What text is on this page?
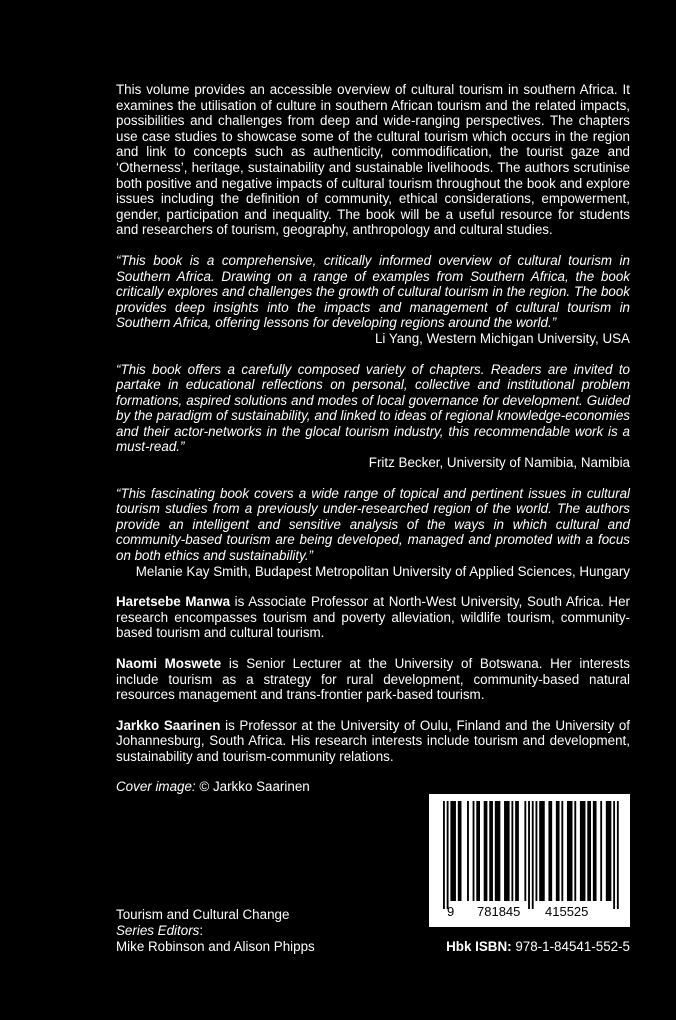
This volume provides an accessible overview of cultural tourism in southern Africa. It examines the utilisation of culture in southern African tourism and the related impacts, possibilities and challenges from deep and wide-ranging perspectives. The chapters use case studies to showcase some of the cultural tourism which occurs in the region and link to concepts such as authenticity, commodification, the tourist gaze and ‘Otherness’, heritage, sustainability and sustainable livelihoods. The authors scrutinise both positive and negative impacts of cultural tourism throughout the book and explore issues including the definition of community, ethical considerations, empowerment, gender, participation and inequality. The book will be a useful resource for students and researchers of tourism, geography, anthropology and cultural studies.

“This book is a comprehensive, critically informed overview of cultural tourism in Southern Africa. Drawing on a range of examples from Southern Africa, the book critically explores and challenges the growth of cultural tourism in the region. The book provides deep insights into the impacts and management of cultural tourism in Southern Africa, offering lessons for developing regions around the world.”

Li Yang, Western Michigan University, USA

“This book offers a carefully composed variety of chapters. Readers are invited to partake in educational reflections on personal, collective and institutional problem formations, aspired solutions and modes of local governance for development. Guided by the paradigm of sustainability, and linked to ideas of regional knowledge-economies and their actor-networks in the glocal tourism industry, this recommendable work is a must-read.”

Fritz Becker, University of Namibia, Namibia

“This fascinating book covers a wide range of topical and pertinent issues in cultural tourism studies from a previously under-researched region of the world. The authors provide an intelligent and sensitive analysis of the ways in which cultural and community-based tourism are being developed, managed and promoted with a focus on both ethics and sustainability.”

Melanie Kay Smith, Budapest Metropolitan University of Applied Sciences, Hungary

Haretsebe Manwa is Associate Professor at North-West University, South Africa. Her research encompasses tourism and poverty alleviation, wildlife tourism, community-based tourism and cultural tourism.

Naomi Moswete is Senior Lecturer at the University of Botswana. Her interests include tourism as a strategy for rural development, community-based natural resources management and trans-frontier park-based tourism.

Jarkko Saarinen is Professor at the University of Oulu, Finland and the University of Johannesburg, South Africa. His research interests include tourism and development, sustainability and tourism-community relations.

Cover image: © Jarkko Saarinen
9 781845 415525
Tourism and Cultural Change
Series Editors:
Mike Robinson and Alison Phipps	Hbk ISBN: 978-1-84541-552-5
